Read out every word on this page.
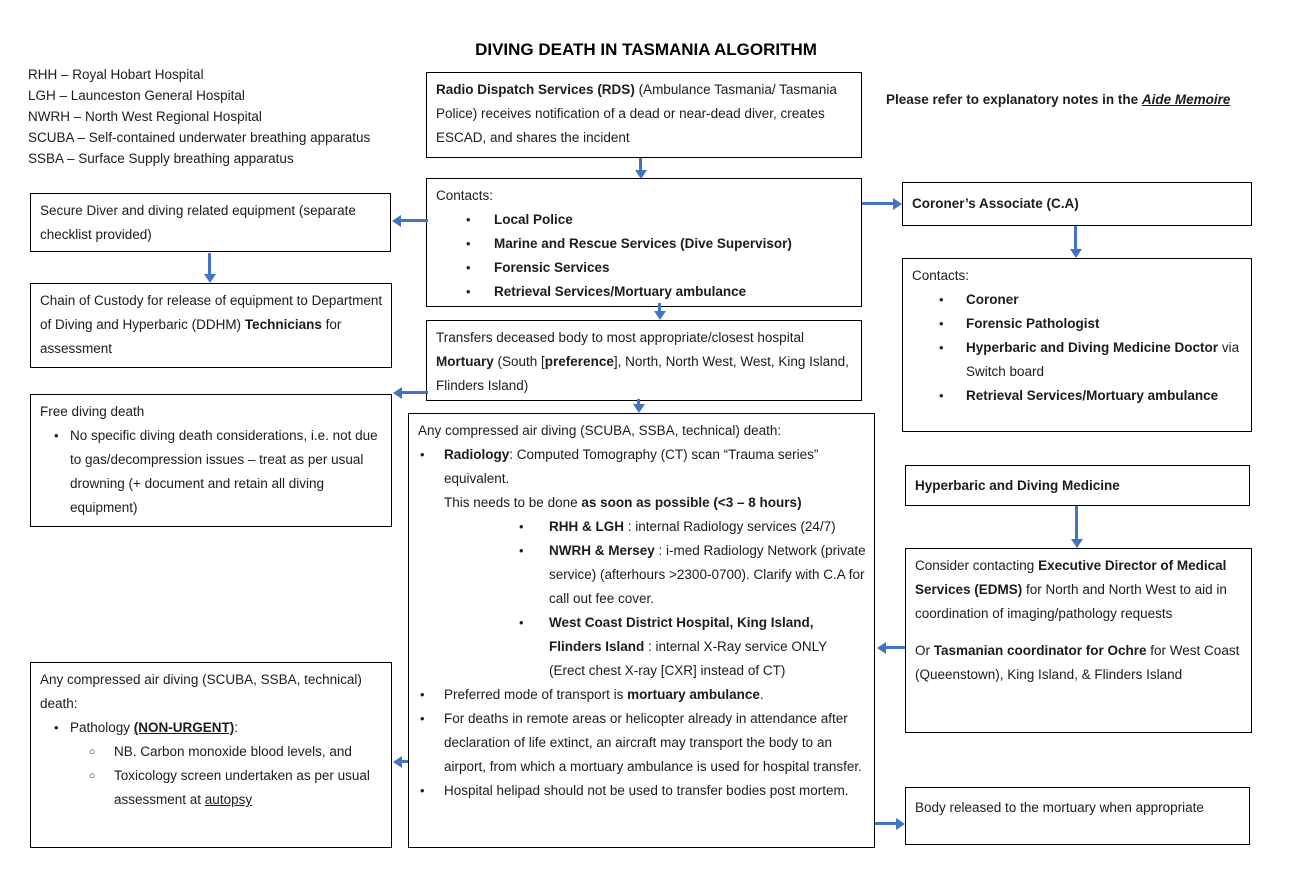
DIVING DEATH IN TASMANIA ALGORITHM
RHH – Royal Hobart Hospital
LGH – Launceston General Hospital
NWRH – North West Regional Hospital
SCUBA – Self-contained underwater breathing apparatus
SSBA – Surface Supply breathing apparatus
Please refer to explanatory notes in the Aide Memoire
Radio Dispatch Services (RDS) (Ambulance Tasmania/ Tasmania Police) receives notification of a dead or near-dead diver, creates ESCAD, and shares the incident
Contacts:
• Local Police
• Marine and Rescue Services (Dive Supervisor)
• Forensic Services
• Retrieval Services/Mortuary ambulance
Transfers deceased body to most appropriate/closest hospital Mortuary (South [preference], North, North West, West, King Island, Flinders Island)
Any compressed air diving (SCUBA, SSBA, technical) death:
• Radiology: Computed Tomography (CT) scan “Trauma series” equivalent.
This needs to be done as soon as possible (<3 – 8 hours)
• RHH & LGH : internal Radiology services (24/7)
• NWRH & Mersey : i-med Radiology Network (private service) (afterhours >2300-0700). Clarify with C.A for call out fee cover.
• West Coast District Hospital, King Island, Flinders Island : internal X-Ray service ONLY (Erect chest X-ray [CXR] instead of CT)
• Preferred mode of transport is mortuary ambulance.
• For deaths in remote areas or helicopter already in attendance after declaration of life extinct, an aircraft may transport the body to an airport, from which a mortuary ambulance is used for hospital transfer.
• Hospital helipad should not be used to transfer bodies post mortem.
Secure Diver and diving related equipment (separate checklist provided)
Chain of Custody for release of equipment to Department of Diving and Hyperbaric (DDHM) Technicians for assessment
Free diving death
• No specific diving death considerations, i.e. not due to gas/decompression issues – treat as per usual drowning (+ document and retain all diving equipment)
Any compressed air diving (SCUBA, SSBA, technical) death:
• Pathology (NON-URGENT):
○ NB. Carbon monoxide blood levels, and
○ Toxicology screen undertaken as per usual assessment at autopsy
Coroner’s Associate (C.A)
Contacts:
• Coroner
• Forensic Pathologist
• Hyperbaric and Diving Medicine Doctor via Switch board
• Retrieval Services/Mortuary ambulance
Hyperbaric and Diving Medicine
Consider contacting Executive Director of Medical Services (EDMS) for North and North West to aid in coordination of imaging/pathology requests
Or Tasmanian coordinator for Ochre for West Coast (Queenstown), King Island, & Flinders Island
Body released to the mortuary when appropriate
